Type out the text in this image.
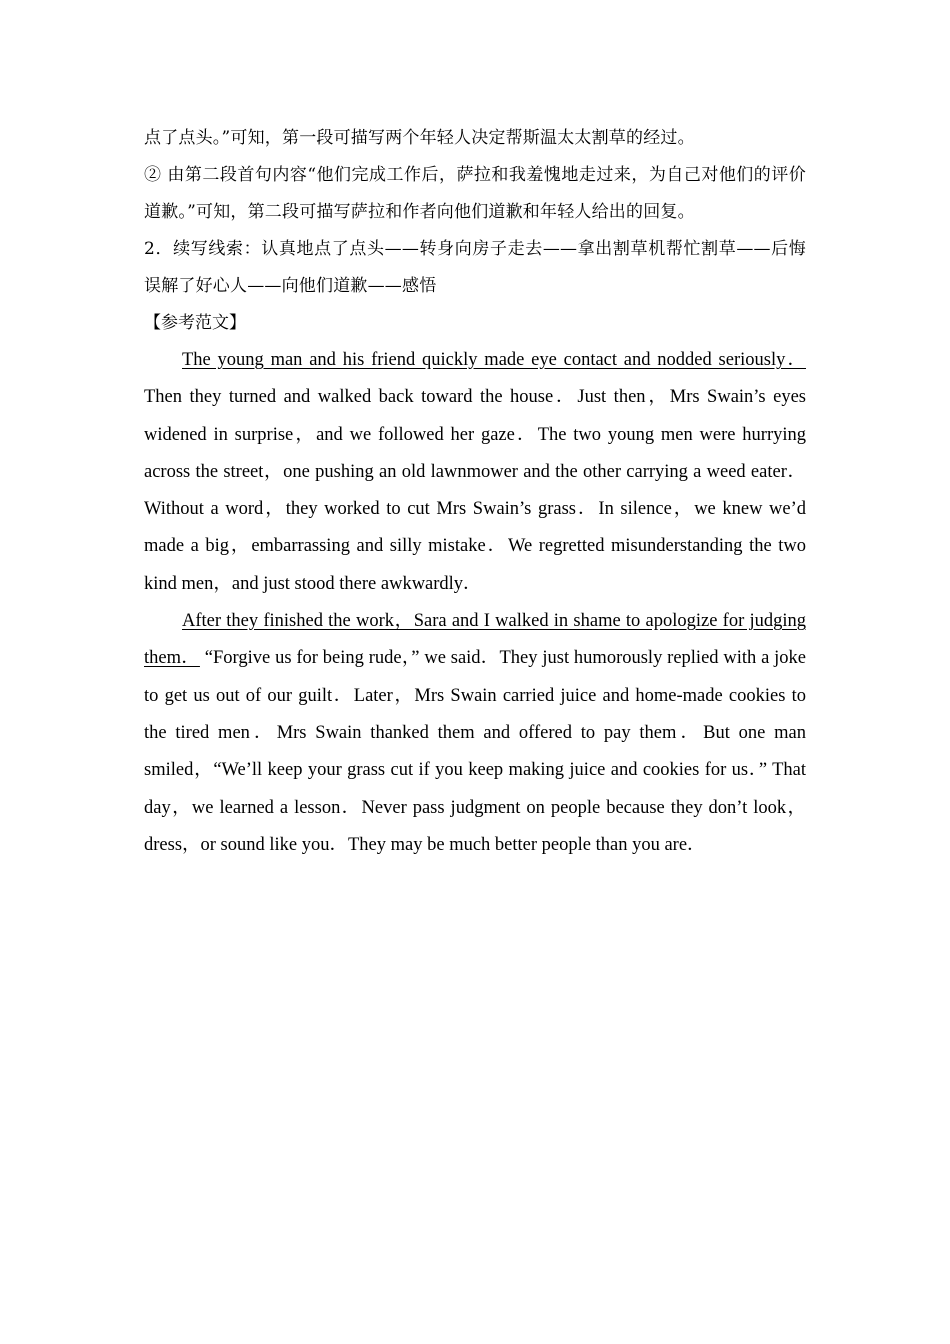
点了点头。”可知，第一段可描写两个年轻人决定帮斯温太太割草的经过。

② 由第二段首句内容“他们完成工作后，萨拉和我羞愧地走过来，为自己对他们的评价道歉。”可知，第二段可描写萨拉和作者向他们道歉和年轻人给出的回复。

2．续写线索：认真地点了点头——转身向房子走去——拿出割草机帮忙割草——后悔误解了好心人——向他们道歉——感悟

【参考范文】

The young man and his friend quickly made eye contact and nodded seriously． Then they turned and walked back toward the house．Just then，Mrs Swain’s eyes widened in surprise，and we followed her gaze．The two young men were hurrying across the street，one pushing an old lawnmower and the other carrying a weed eater．Without a word，they worked to cut Mrs Swain’s grass．In silence，we knew we’d made a big，embarrassing and silly mistake．We regretted misunderstanding the two kind men，and just stood there awkwardly．

After they finished the work，Sara and I walked in shame to apologize for judging them． “Forgive us for being rude，” we said．They just humorously replied with a joke to get us out of our guilt．Later，Mrs Swain carried juice and home-made cookies to the tired men．Mrs Swain thanked them and offered to pay them．But one man smiled，“We’ll keep your grass cut if you keep making juice and cookies for us．” That day，we learned a lesson．Never pass judgment on people because they don’t look，dress，or sound like you．They may be much better people than you are．
